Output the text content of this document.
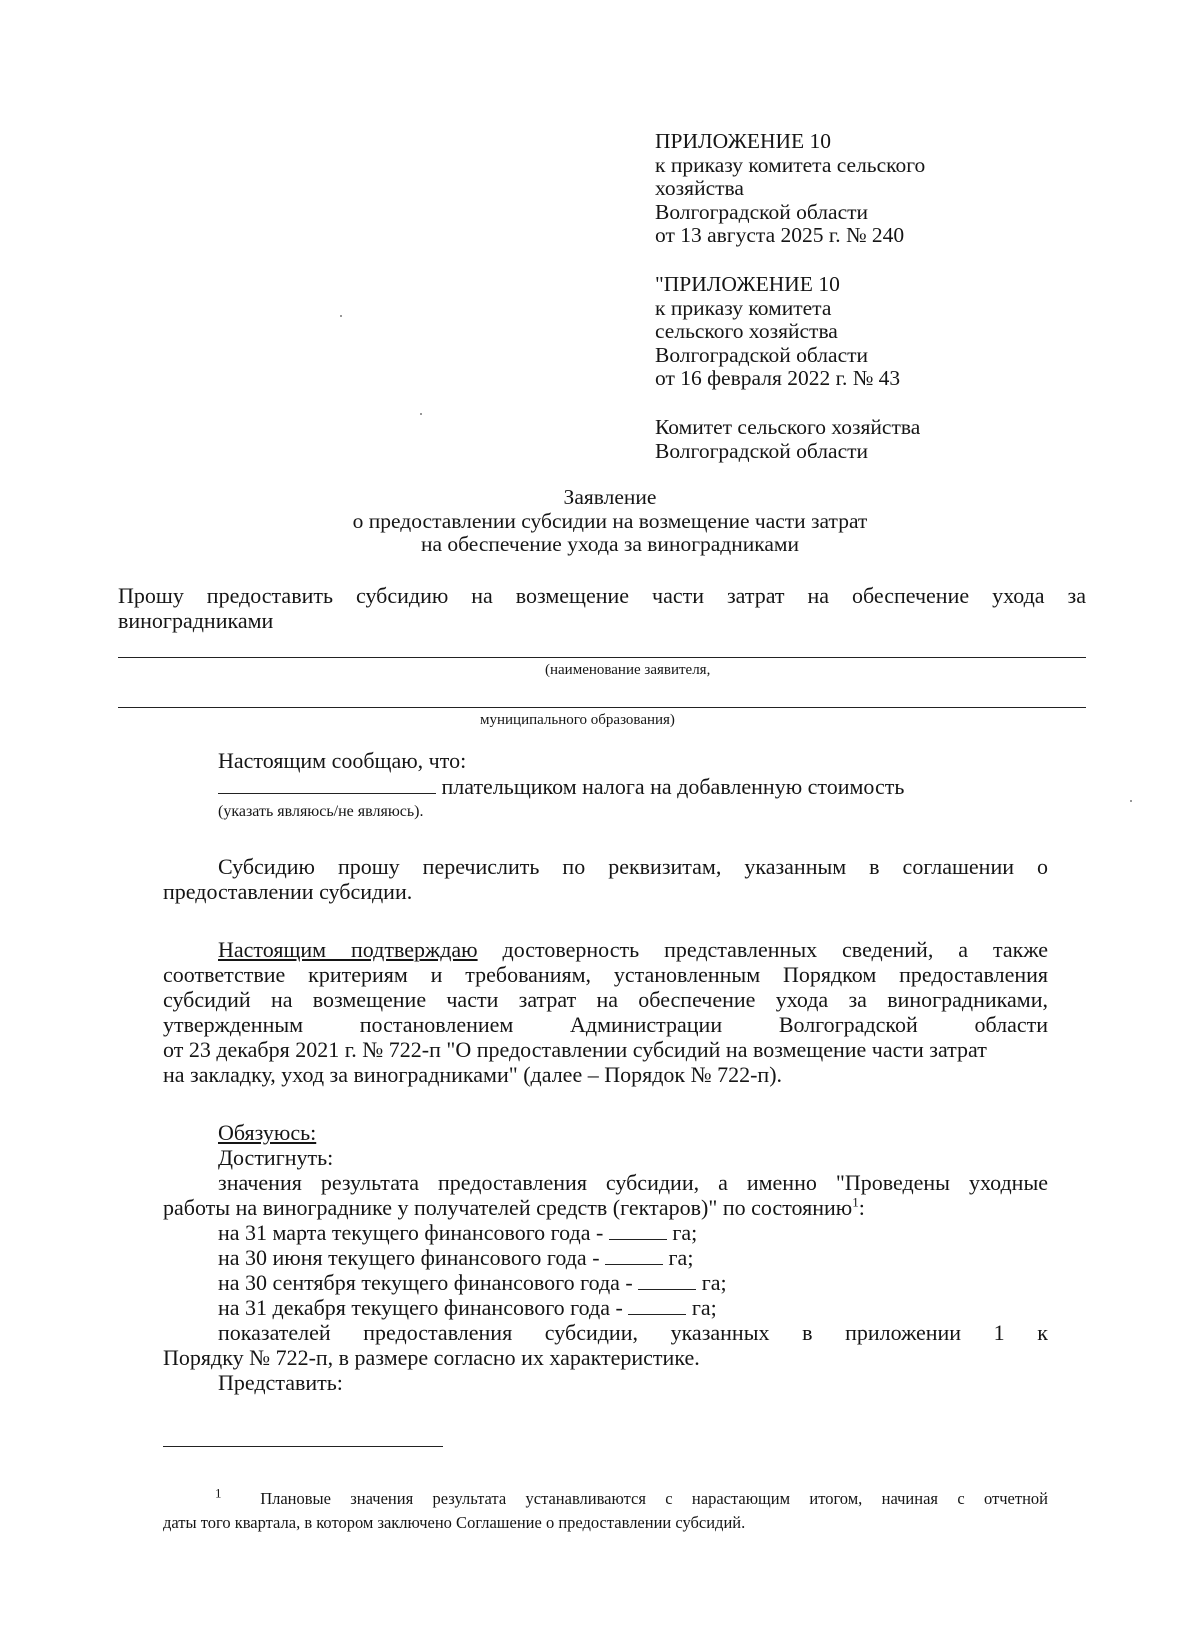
ПРИЛОЖЕНИЕ 10
к приказу комитета сельского
хозяйства
Волгоградской области
от 13 августа 2025 г. № 240
"ПРИЛОЖЕНИЕ 10
к приказу комитета
сельского хозяйства
Волгоградской области
от 16 февраля 2022 г. № 43
Комитет сельского хозяйства
Волгоградской области
Заявление
о предоставлении субсидии на возмещение части затрат
на обеспечение ухода за виноградниками
Прошу предоставить субсидию на возмещение части затрат на обеспечение ухода за
виноградниками
(наименование заявителя,
муниципального образования)
Настоящим сообщаю, что:
плательщиком налога на добавленную стоимость
(указать являюсь/не являюсь).
Субсидию прошу перечислить по реквизитам, указанным в соглашении о
предоставлении субсидии.
Настоящим подтверждаю достоверность представленных сведений, а также
соответствие критериям и требованиям, установленным Порядком предоставления
субсидий на возмещение части затрат на обеспечение ухода за виноградниками,
утвержденным постановлением Администрации Волгоградской области
от 23 декабря 2021 г. № 722-п "О предоставлении субсидий на возмещение части затрат
на закладку, уход за виноградниками" (далее – Порядок № 722-п).
Обязуюсь:
Достигнуть:
значения результата предоставления субсидии, а именно "Проведены уходные
работы на винограднике у получателей средств (гектаров)" по состоянию$^1$:
на 31 марта текущего финансового года -	га;
на 30 июня текущего финансового года -	га;
на 30 сентября текущего финансового года -	га;
на 31 декабря текущего финансового года -	га;
показателей предоставления субсидии, указанных в приложении 1 к
Порядку № 722-п, в размере согласно их характеристике.
Представить:
$^1$ Плановые значения результата устанавливаются с нарастающим итогом, начиная с отчетной
даты того квартала, в котором заключено Соглашение о предоставлении субсидий.
